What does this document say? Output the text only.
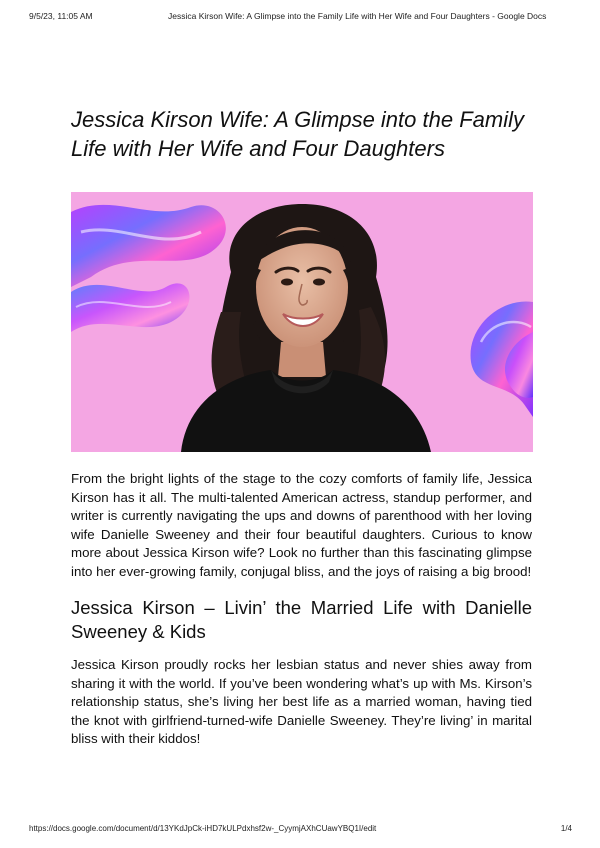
9/5/23, 11:05 AM	Jessica Kirson Wife: A Glimpse into the Family Life with Her Wife and Four Daughters - Google Docs
Jessica Kirson Wife: A Glimpse into the Family Life with Her Wife and Four Daughters

From the bright lights of the stage to the cozy comforts of family life, Jessica Kirson has it all. The multi-talented American actress, standup performer, and writer is currently navigating the ups and downs of parenthood with her loving wife Danielle Sweeney and their four beautiful daughters. Curious to know more about Jessica Kirson wife? Look no further than this fascinating glimpse into her ever-growing family, conjugal bliss, and the joys of raising a big brood!

Jessica Kirson – Livin’ the Married Life with Danielle Sweeney & Kids

Jessica Kirson proudly rocks her lesbian status and never shies away from sharing it with the world. If you’ve been wondering what’s up with Ms. Kirson’s relationship status, she’s living her best life as a married woman, having tied the knot with girlfriend-turned-wife Danielle Sweeney. They’re living’ in marital bliss with their kiddos!

https://docs.google.com/document/d/13YKdJpCk-iHD7kULPdxhsf2w-_CyymjAXhCUawYBQ1I/edit	1/4
